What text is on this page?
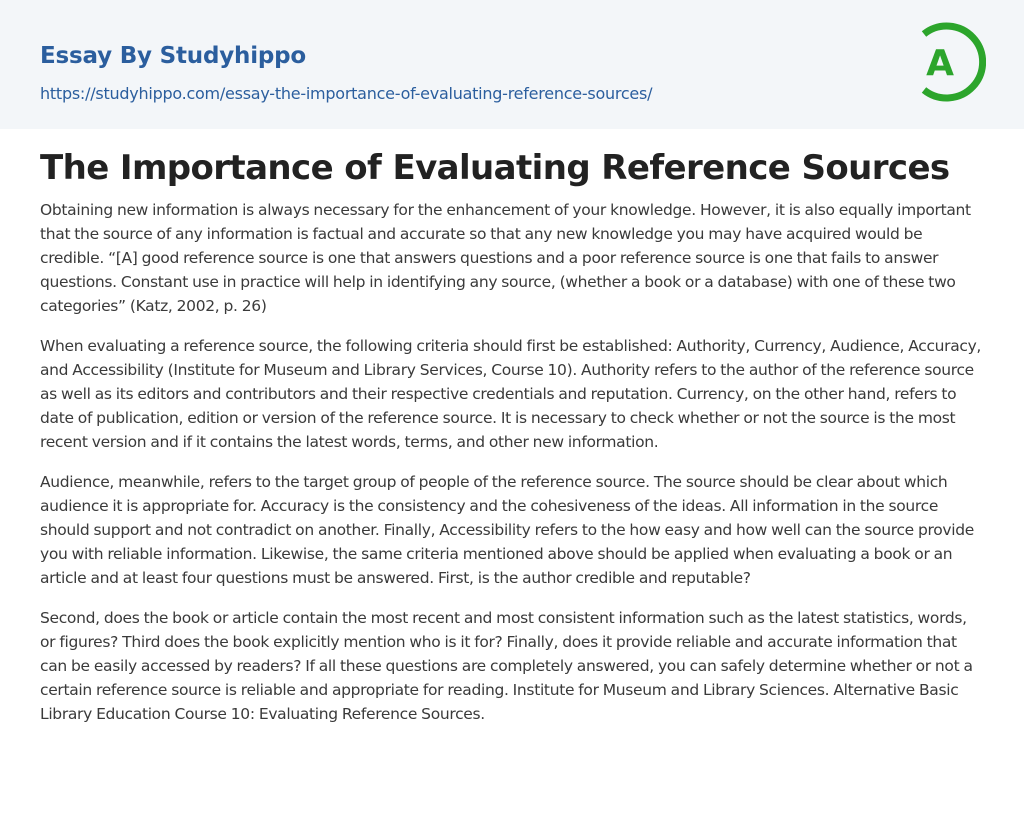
Essay By Studyhippo
https://studyhippo.com/essay-the-importance-of-evaluating-reference-sources/
A
The Importance of Evaluating Reference Sources

Obtaining new information is always necessary for the enhancement of your knowledge. However, it is also equally important that the source of any information is factual and accurate so that any new knowledge you may have acquired would be credible. “[A] good reference source is one that answers questions and a poor reference source is one that fails to answer questions. Constant use in practice will help in identifying any source, (whether a book or a database) with one of these two categories” (Katz, 2002, p. 26)

When evaluating a reference source, the following criteria should first be established: Authority, Currency, Audience, Accuracy, and Accessibility (Institute for Museum and Library Services, Course 10). Authority refers to the author of the reference source as well as its editors and contributors and their respective credentials and reputation. Currency, on the other hand, refers to date of publication, edition or version of the reference source. It is necessary to check whether or not the source is the most recent version and if it contains the latest words, terms, and other new information.

Audience, meanwhile, refers to the target group of people of the reference source. The source should be clear about which audience it is appropriate for. Accuracy is the consistency and the cohesiveness of the ideas. All information in the source should support and not contradict on another. Finally, Accessibility refers to the how easy and how well can the source provide you with reliable information. Likewise, the same criteria mentioned above should be applied when evaluating a book or an article and at least four questions must be answered. First, is the author credible and reputable?

Second, does the book or article contain the most recent and most consistent information such as the latest statistics, words, or figures? Third does the book explicitly mention who is it for? Finally, does it provide reliable and accurate information that can be easily accessed by readers? If all these questions are completely answered, you can safely determine whether or not a certain reference source is reliable and appropriate for reading. Institute for Museum and Library Sciences. Alternative Basic Library Education Course 10: Evaluating Reference Sources.
